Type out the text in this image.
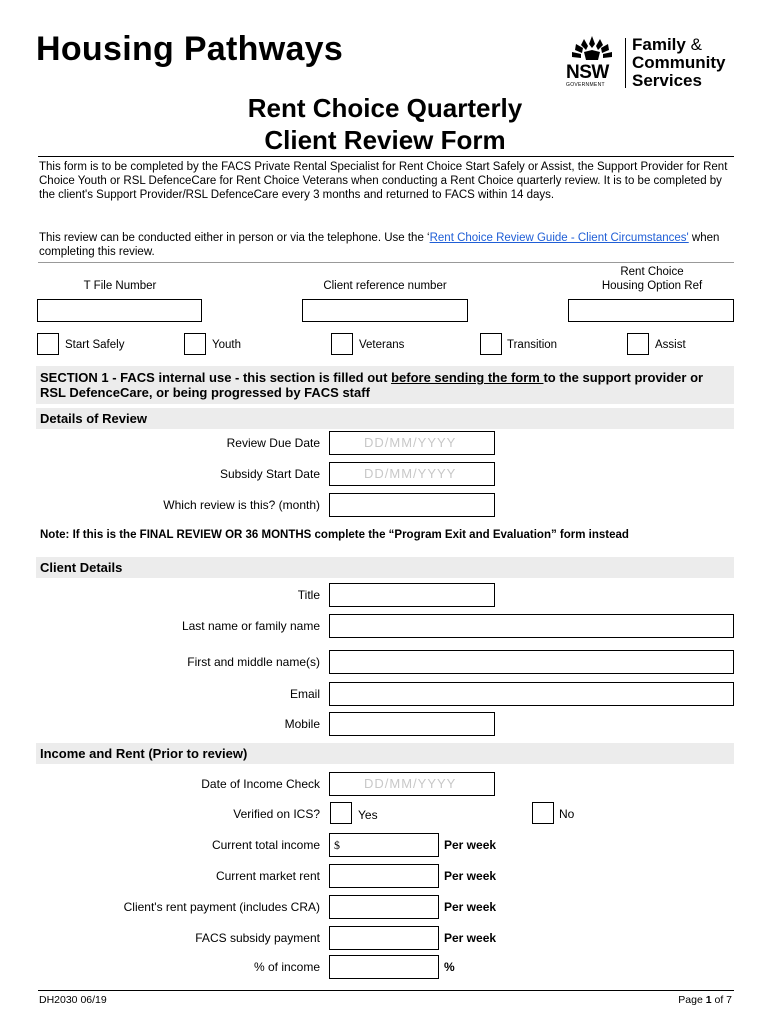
Housing Pathways
NSW
GOVERNMENT
Family &
Community
Services
Rent Choice Quarterly
Client Review Form
This form is to be completed by the FACS Private Rental Specialist for Rent Choice Start Safely or Assist, the Support Provider for Rent Choice Youth or RSL DefenceCare for Rent Choice Veterans when conducting a Rent Choice quarterly review. It is to be completed by the client's Support Provider/RSL DefenceCare every 3 months and returned to FACS within 14 days.
This review can be conducted either in person or via the telephone. Use the ‘Rent Choice Review Guide - Client Circumstances' when completing this review.
T File Number	Client reference number
Rent Choice
Housing Option Ref
Start Safely	Youth	Veterans	Transition	Assist
SECTION 1 - FACS internal use - this section is filled out before sending the form to the support provider or RSL DefenceCare, or being progressed by FACS staff
Details of Review
Review Due Date	DD/MM/YYYY
Subsidy Start Date	DD/MM/YYYY
Which review is this? (month)
Note: If this is the FINAL REVIEW OR 36 MONTHS complete the “Program Exit and Evaluation” form instead
Client Details
Title
Last name or family name
First and middle name(s)
Email
Mobile
Income and Rent (Prior to review)
Date of Income Check	DD/MM/YYYY
Verified on ICS?	Yes	No
Current total income	$	Per week
Current market rent	Per week
Client's rent payment (includes CRA)	Per week
FACS subsidy payment	Per week
% of income	%
DH2030 06/19	Page 1 of 7
